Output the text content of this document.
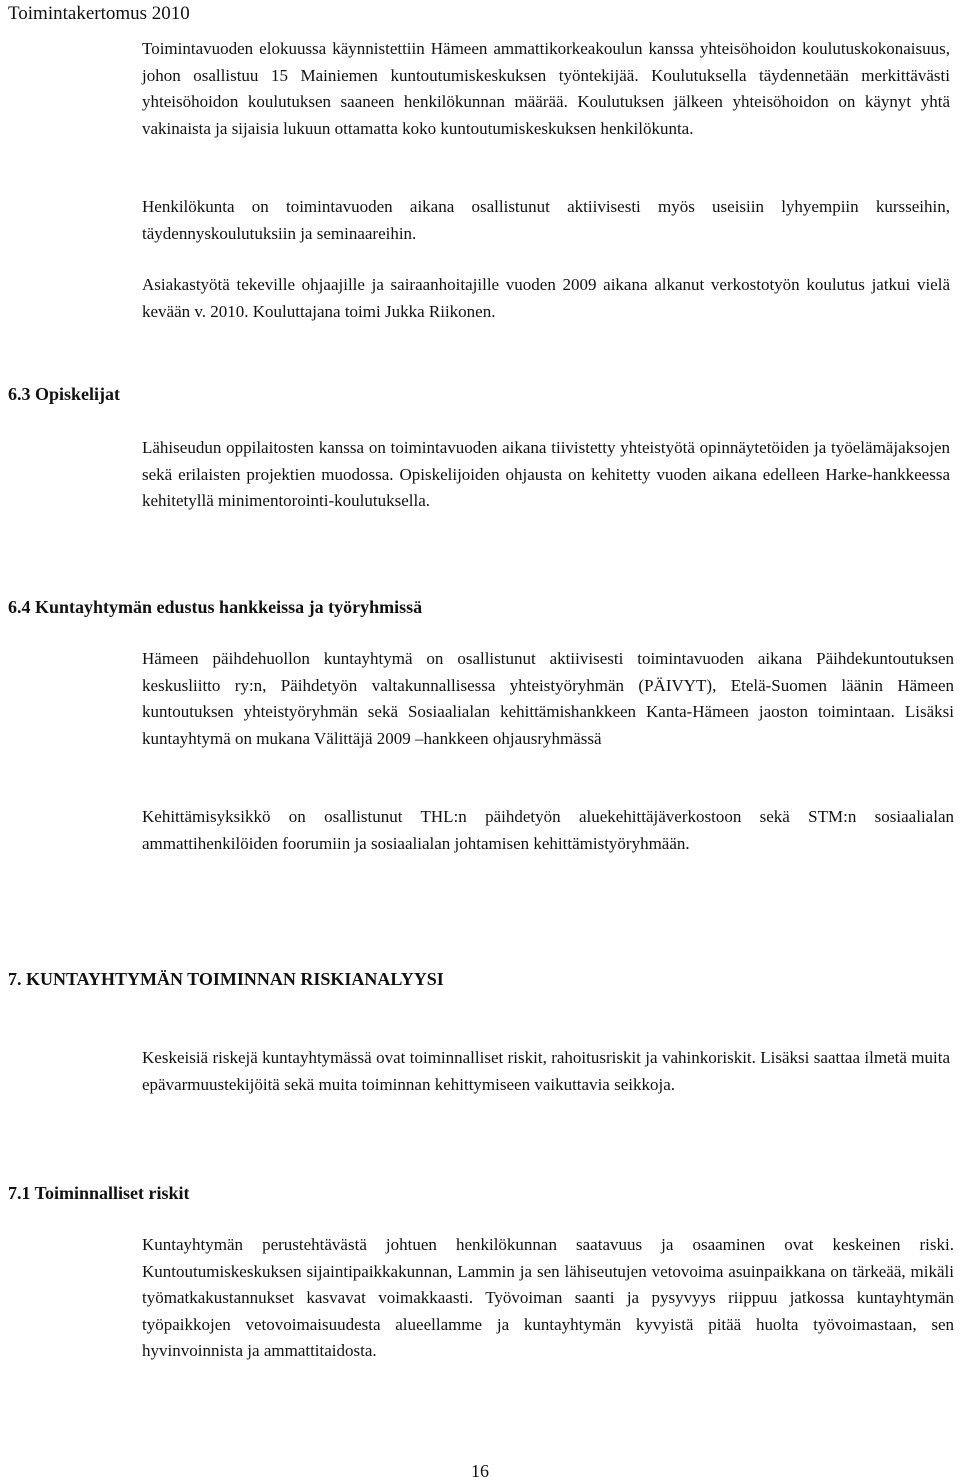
Toimintakertomus 2010

Toimintavuoden elokuussa käynnistettiin Hämeen ammattikorkeakoulun kanssa yhteisöhoidon koulutuskokonaisuus, johon osallistuu 15 Mainiemen kuntoutumiskeskuksen työntekijää. Koulutuksella täydennetään merkittävästi yhteisöhoidon koulutuksen saaneen henkilökunnan määrää. Koulutuksen jälkeen yhteisöhoidon on käynyt yhtä vakinaista ja sijaisia lukuun ottamatta koko kuntoutumiskeskuksen henkilökunta.

Henkilökunta on toimintavuoden aikana osallistunut aktiivisesti myös useisiin lyhyempiin kursseihin, täydennyskoulutuksiin ja seminaareihin.

Asiakastyötä tekeville ohjaajille ja sairaanhoitajille vuoden 2009 aikana alkanut verkostotyön koulutus jatkui vielä kevään v. 2010. Kouluttajana toimi Jukka Riikonen.

6.3 Opiskelijat

Lähiseudun oppilaitosten kanssa on toimintavuoden aikana tiivistetty yhteistyötä opinnäytetöiden ja työelämäjaksojen sekä erilaisten projektien muodossa. Opiskelijoiden ohjausta on kehitetty vuoden aikana edelleen Harke-hankkeessa kehitetyllä minimentorointi-koulutuksella.

6.4 Kuntayhtymän edustus hankkeissa ja työryhmissä

Hämeen päihdehuollon kuntayhtymä on osallistunut aktiivisesti toimintavuoden aikana Päihdekuntoutuksen keskusliitto ry:n, Päihdetyön valtakunnallisessa yhteistyöryhmän (PÄIVYT), Etelä-Suomen läänin Hämeen kuntoutuksen yhteistyöryhmän sekä Sosiaalialan kehittämishankkeen Kanta-Hämeen jaoston toimintaan. Lisäksi kuntayhtymä on mukana Välittäjä 2009 –hankkeen ohjausryhmässä

Kehittämisyksikkö on osallistunut THL:n päihdetyön aluekehittäjäverkostoon sekä STM:n sosiaalialan ammattihenkilöiden foorumiin ja sosiaalialan johtamisen kehittämistyöryhmään.

7. KUNTAYHTYMÄN TOIMINNAN RISKIANALYYSI

Keskeisiä riskejä kuntayhtymässä ovat toiminnalliset riskit, rahoitusriskit ja vahinkoriskit. Lisäksi saattaa ilmetä muita epävarmuustekijöitä sekä muita toiminnan kehittymiseen vaikuttavia seikkoja.

7.1 Toiminnalliset riskit

Kuntayhtymän perustehtävästä johtuen henkilökunnan saatavuus ja osaaminen ovat keskeinen riski. Kuntoutumiskeskuksen sijaintipaikkakunnan, Lammin ja sen lähiseutujen vetovoima asuinpaikkana on tärkeää, mikäli työmatkakustannukset kasvavat voimakkaasti. Työvoiman saanti ja pysyvyys riippuu jatkossa kuntayhtymän työpaikkojen vetovoimaisuudesta alueellamme ja kuntayhtymän kyvyistä pitää huolta työvoimastaan, sen hyvinvoinnista ja ammattitaidosta.

16
